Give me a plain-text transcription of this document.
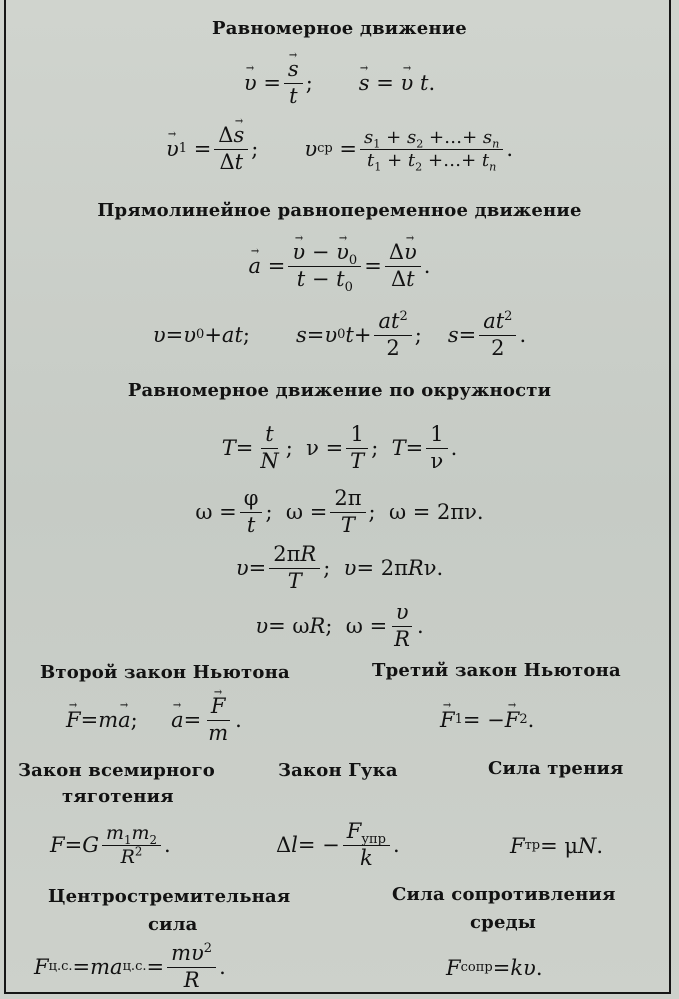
Равномерное движение
→ υ
= → $\frac{s}{t}$ ; → s
=
→ υ t .
→ υ 1
= $\frac{\Delta\to s}{\Delta t}$ ; υ ср
= $\frac{s_1 + s_2 +\dots+ s_n}{t_1 + t_2 +\dots+ t_n}$ .
Прямолинейное равнопеременное движение
→ a
= → $\frac{\upsilon - \to \upsilon_0}{t - t_0} = \frac{\Delta\to \upsilon}{\Delta t}$ .
υ = υ 0 + at ; s = υ 0 $t + \frac{at^2}{2}$ ; $s = \frac{at^2}{2}$ .
Равномерное движение по окружности
$T = \frac{t}{N}$ ;
$\nu = \frac{1}{T}$ ; $T = \frac{1}{\nu}$ .
$\omega = \frac{\varphi}{t}$ ;
$\omega = \frac{2\pi}{T}$ ;
ω = 2πν.
$\upsilon = \frac{2\pi R}{T}$ ; υ = 2π R ν.
υ = ω R ;
$\omega = \frac{\upsilon}{R}$ .
Второй закон Ньютона	Третий закон Ньютона
→ F = m → a ;
→ a = → $\frac{F}{m}$ .	→ F 1 = − → F 2 .
Закон всемирного
тяготения
Закон Гука	Сила трения
F = G $\frac{m_1m_2}{R^2}$ .	Δ l = − $\frac{F_{упр}}{k}$ .	F тр = μ N .
Центростремительная
сила
Сила сопротивления
среды
F ц.с. = ma ц.с. = $\frac{m\upsilon^2}{R}$ .	F сопр = kυ .
